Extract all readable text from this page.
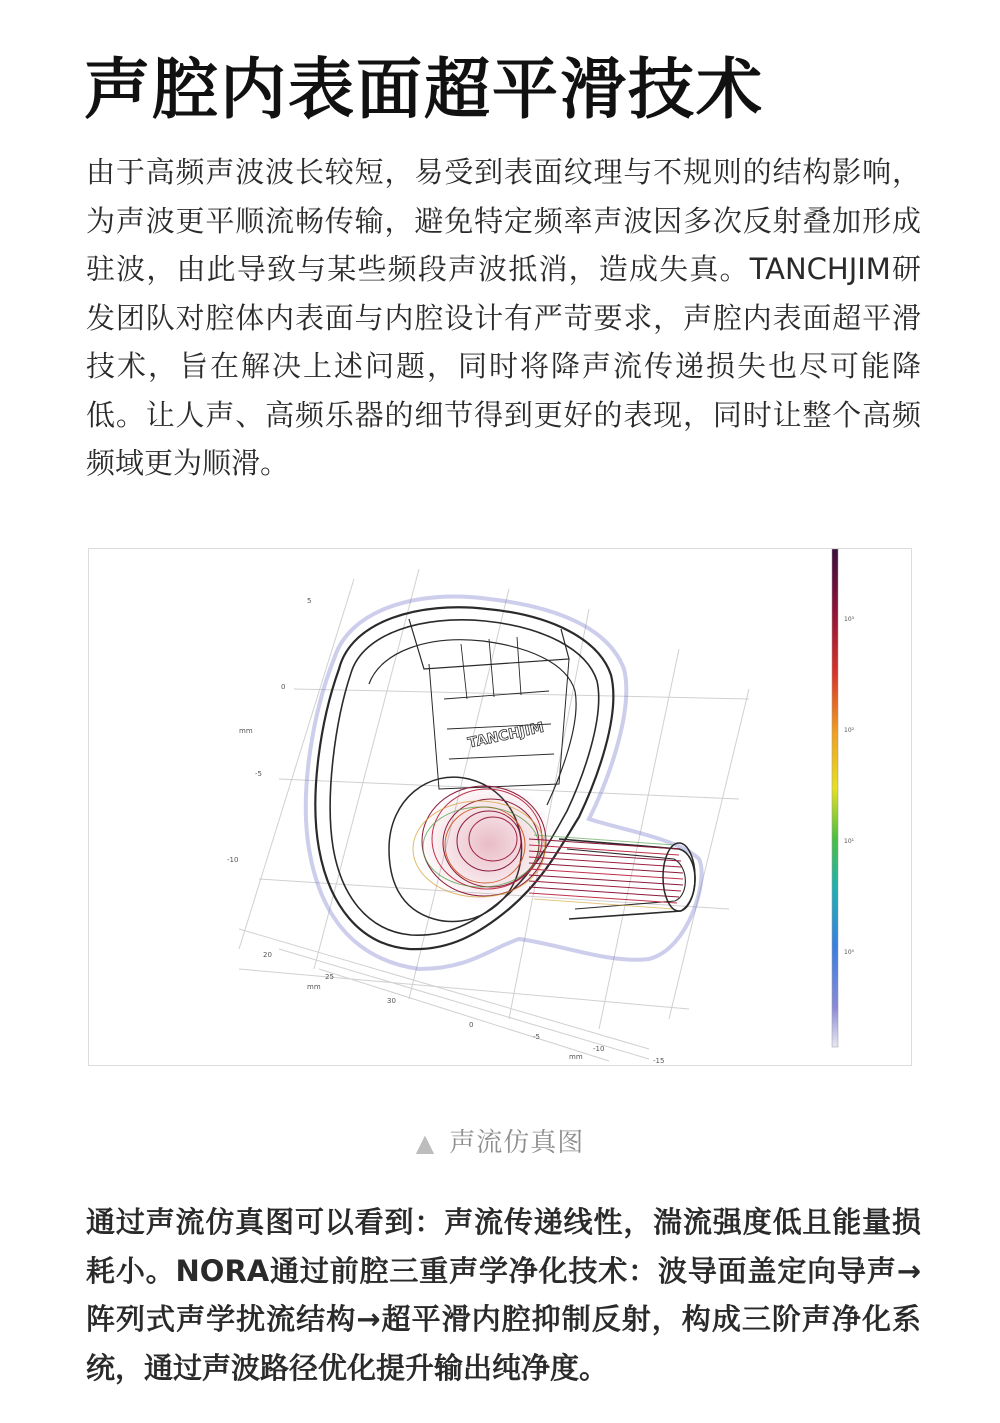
声腔内表面超平滑技术

由于高频声波波长较短，易受到表面纹理与不规则的结构影响，为声波更平顺流畅传输，避免特定频率声波因多次反射叠加形成驻波，由此导致与某些频段声波抵消，造成失真。TANCHJIM研发团队对腔体内表面与内腔设计有严苛要求，声腔内表面超平滑技术，旨在解决上述问题，同时将降声流传递损失也尽可能降低。让人声、高频乐器的细节得到更好的表现，同时让整个高频频域更为顺滑。

TANCHJIM
5
0
-5
-10
mm
20
25
30
mm
0
-5
-10
-15
mm
10³
10²
10¹
10⁰
▲ 声流仿真图

通过声流仿真图可以看到：声流传递线性，湍流强度低且能量损耗小。NORA通过前腔三重声学净化技术：波导面盖定向导声→阵列式声学扰流结构→超平滑内腔抑制反射，构成三阶声净化系统，通过声波路径优化提升输出纯净度。
